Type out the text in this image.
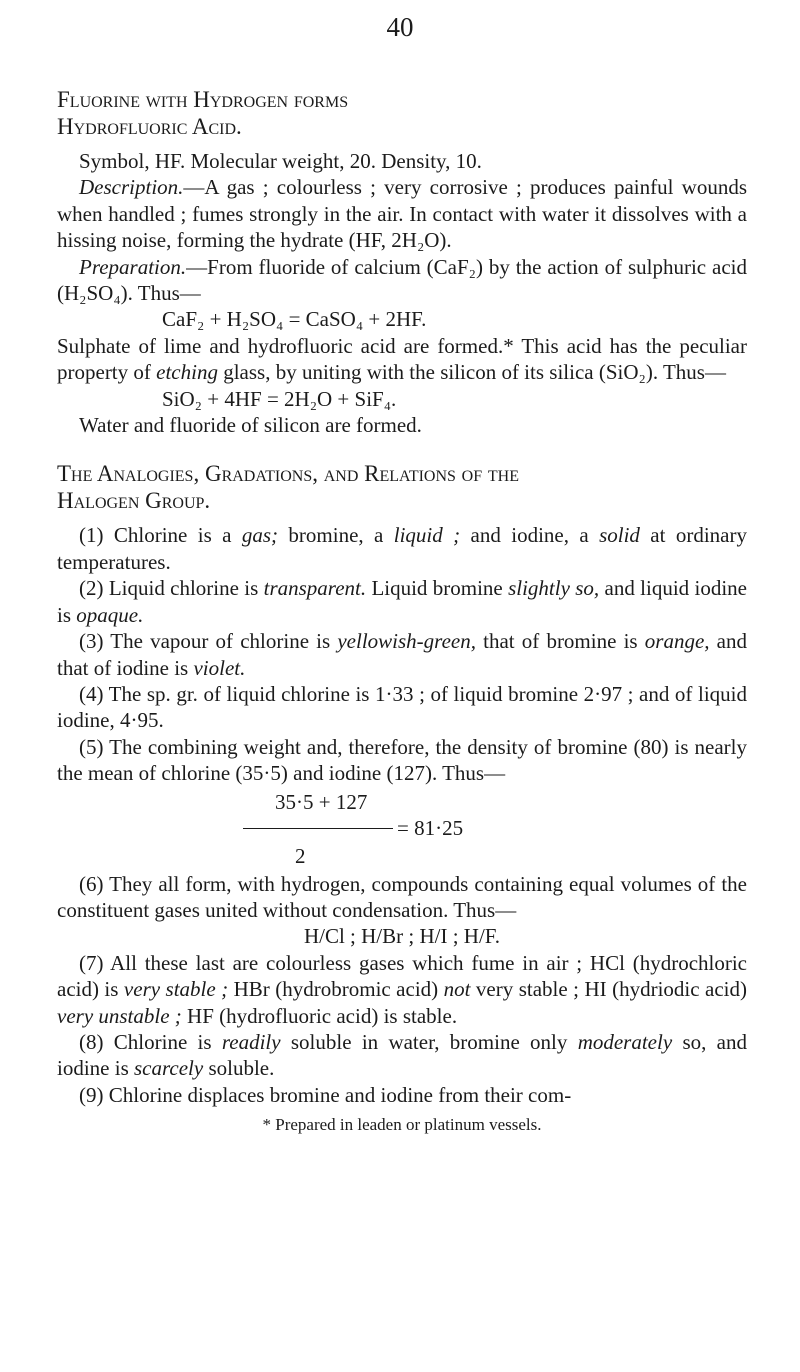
40

Fluorine with Hydrogen forms

Hydrofluoric Acid.

Symbol, HF. Molecular weight, 20. Density, 10.

Description.—A gas ; colourless ; very corrosive ; produces painful wounds when handled ; fumes strongly in the air. In contact with water it dissolves with a hissing noise, forming the hydrate (HF, 2H₂O).

Preparation.—From fluoride of calcium (CaF₂) by the action of sulphuric acid (H₂SO₄). Thus—

CaF₂ + H₂SO₄ = CaSO₄ + 2HF.

Sulphate of lime and hydrofluoric acid are formed.* This acid has the peculiar property of etching glass, by uniting with the silicon of its silica (SiO₂). Thus—

SiO₂ + 4HF = 2H₂O + SiF₄.

Water and fluoride of silicon are formed.

The Analogies, Gradations, and Relations of the

Halogen Group.

(1) Chlorine is a gas; bromine, a liquid ; and iodine, a solid at ordinary temperatures.

(2) Liquid chlorine is transparent. Liquid bromine slightly so, and liquid iodine is opaque.

(3) The vapour of chlorine is yellowish-green, that of bromine is orange, and that of iodine is violet.

(4) The sp. gr. of liquid chlorine is 1·33 ; of liquid bromine 2·97 ; and of liquid iodine, 4·95.

(5) The combining weight and, therefore, the density of bromine (80) is nearly the mean of chlorine (35·5) and iodine (127). Thus—

35·5 + 127
= 81·25
2

(6) They all form, with hydrogen, compounds containing equal volumes of the constituent gases united without condensation. Thus—

H/Cl ; H/Br ; H/I ; H/F.

(7) All these last are colourless gases which fume in air ; HCl (hydrochloric acid) is very stable ; HBr (hydrobromic acid) not very stable ; HI (hydriodic acid) very unstable ; HF (hydrofluoric acid) is stable.

(8) Chlorine is readily soluble in water, bromine only moderately so, and iodine is scarcely soluble.

(9) Chlorine displaces bromine and iodine from their com-

* Prepared in leaden or platinum vessels.
